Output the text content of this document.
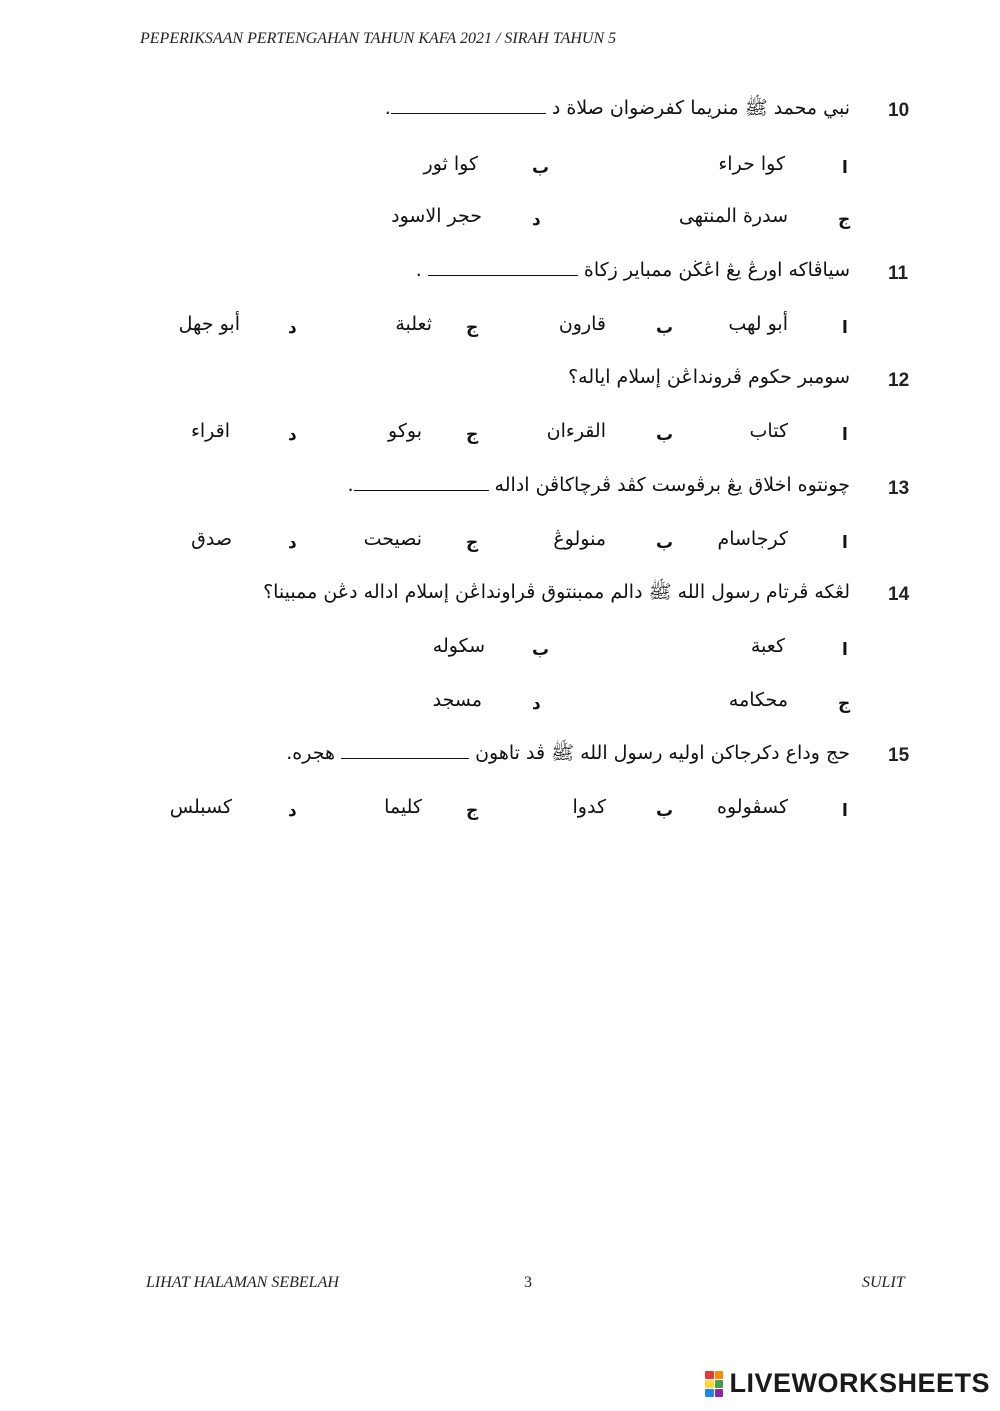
PEPERIKSAAN PERTENGAHAN TAHUN KAFA 2021 / SIRAH TAHUN 5
10
نبي محمد ﷺ منريما كفرضوان صلاة د .
ا
كوا حراء
ب
كوا ثور
ج
سدرة المنتهى
د
حجر الاسود
11
سياڤاكه اورڠ يڠ اڠڬن ممباير زكاة  .
ا
أبو لهب
ب
قارون
ج
ثعلبة
د
أبو جهل
12
سومبر حكوم ڤرونداڠن إسلام اياله؟
ا
كتاب
ب
القرءان
ج
بوكو
د
اقراء
13
چونتوه اخلاق يڠ برڤوست كڤد ڤرچاكاڤن اداله .
ا
كرجاسام
ب
منولوڠ
ج
نصيحت
د
صدق
14
لڠكه ڤرتام رسول الله ﷺ دالم ممبنتوق ڤراونداڠن إسلام اداله دڠن ممبينا؟
ا
كعبة
ب
سكوله
ج
محكامه
د
مسجد
15
حج وداع دكرجاكن اوليه رسول الله ﷺ ڤد تاهون  هجره.
ا
كسڤولوه
ب
كدوا
ج
كليما
د
كسبلس
LIHAT HALAMAN SEBELAH	3	SULIT
LIVEWORKSHEETS
